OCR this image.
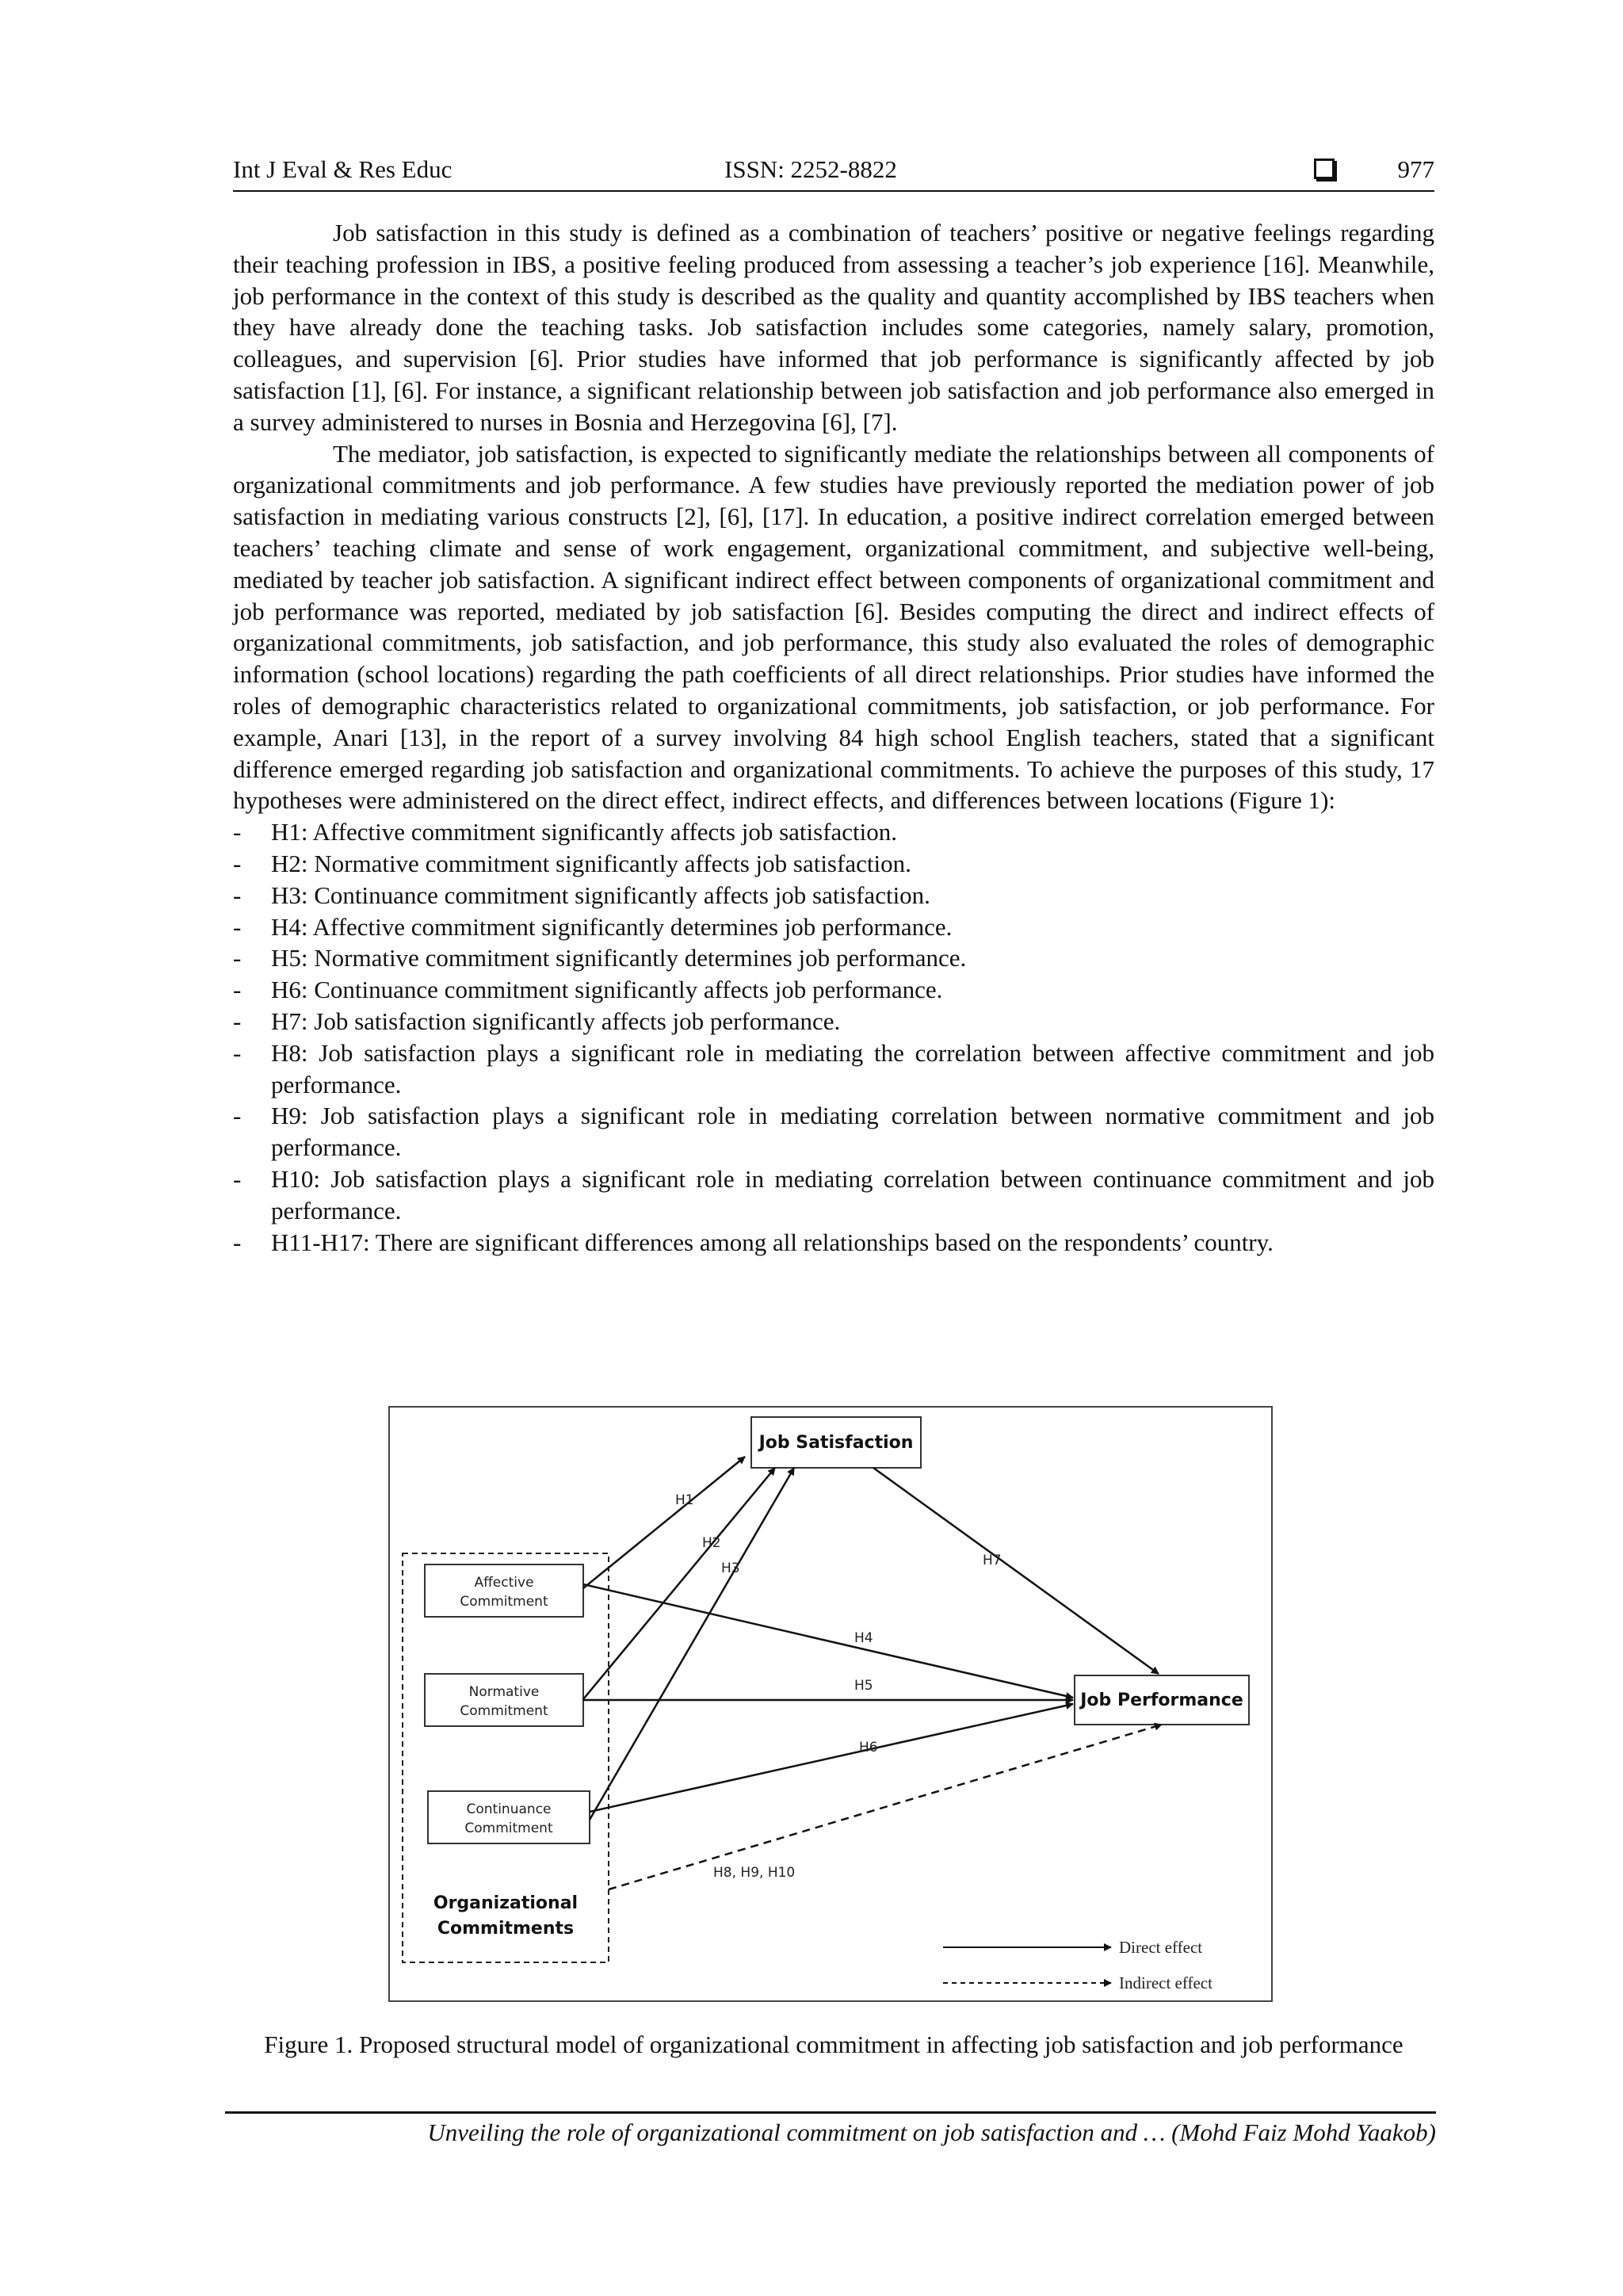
Int J Eval & Res Educ	ISSN: 2252-8822	977

Job satisfaction in this study is defined as a combination of teachers’ positive or negative feelings regarding their teaching profession in IBS, a positive feeling produced from assessing a teacher’s job experience [16]. Meanwhile, job performance in the context of this study is described as the quality and quantity accomplished by IBS teachers when they have already done the teaching tasks. Job satisfaction includes some categories, namely salary, promotion, colleagues, and supervision [6]. Prior studies have informed that job performance is significantly affected by job satisfaction [1], [6]. For instance, a significant relationship between job satisfaction and job performance also emerged in a survey administered to nurses in Bosnia and Herzegovina [6], [7].

The mediator, job satisfaction, is expected to significantly mediate the relationships between all components of organizational commitments and job performance. A few studies have previously reported the mediation power of job satisfaction in mediating various constructs [2], [6], [17]. In education, a positive indirect correlation emerged between teachers’ teaching climate and sense of work engagement, organizational commitment, and subjective well-being, mediated by teacher job satisfaction. A significant indirect effect between components of organizational commitment and job performance was reported, mediated by job satisfaction [6]. Besides computing the direct and indirect effects of organizational commitments, job satisfaction, and job performance, this study also evaluated the roles of demographic information (school locations) regarding the path coefficients of all direct relationships. Prior studies have informed the roles of demographic characteristics related to organizational commitments, job satisfaction, or job performance. For example, Anari [13], in the report of a survey involving 84 high school English teachers, stated that a significant difference emerged regarding job satisfaction and organizational commitments. To achieve the purposes of this study, 17 hypotheses were administered on the direct effect, indirect effects, and differences between locations (Figure 1):

- H1: Affective commitment significantly affects job satisfaction.
- H2: Normative commitment significantly affects job satisfaction.
- H3: Continuance commitment significantly affects job satisfaction.
- H4: Affective commitment significantly determines job performance.
- H5: Normative commitment significantly determines job performance.
- H6: Continuance commitment significantly affects job performance.
- H7: Job satisfaction significantly affects job performance.
- H8: Job satisfaction plays a significant role in mediating the correlation between affective commitment and job performance.
- H9: Job satisfaction plays a significant role in mediating correlation between normative commitment and job performance.
- H10: Job satisfaction plays a significant role in mediating correlation between continuance commitment and job performance.
- H11-H17: There are significant differences among all relationships based on the respondents’ country.
Affective
Commitment
Normative
Commitment
Continuance
Commitment
Organizational
Commitments
Job Satisfaction
Job Performance
H1
H2
H3
H4
H5
H6
H7
H8, H9, H10
Direct effect
Indirect effect
Figure 1. Proposed structural model of organizational commitment in affecting job satisfaction and job performance
Unveiling the role of organizational commitment on job satisfaction and … (Mohd Faiz Mohd Yaakob)
